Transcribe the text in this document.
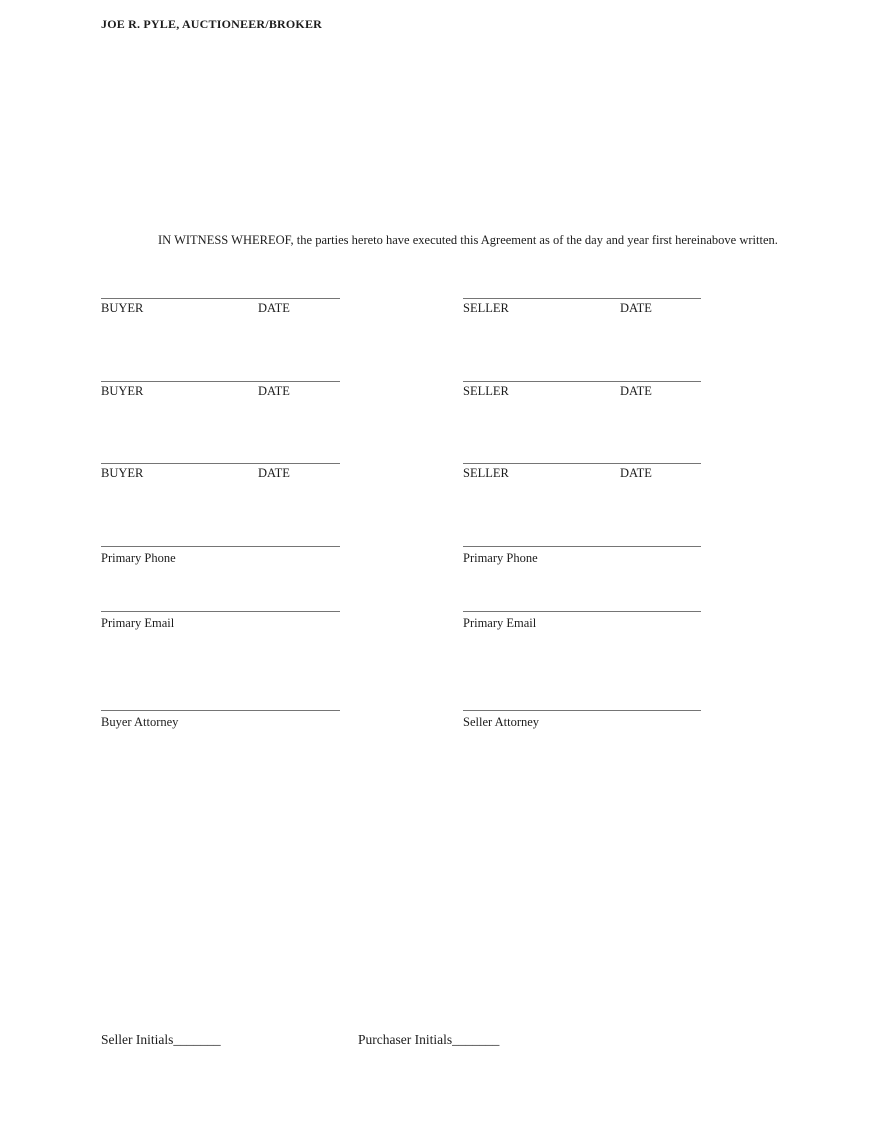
JOE R. PYLE, AUCTIONEER/BROKER

IN WITNESS WHEREOF, the parties hereto have executed this Agreement as of the day and year first hereinabove written.

BUYER	DATE	SELLER	DATE
BUYER	DATE	SELLER	DATE
BUYER	DATE	SELLER	DATE
Primary Phone	Primary Phone
Primary Email	Primary Email
Buyer Attorney	Seller Attorney
Seller Initials_______	Purchaser Initials_______
